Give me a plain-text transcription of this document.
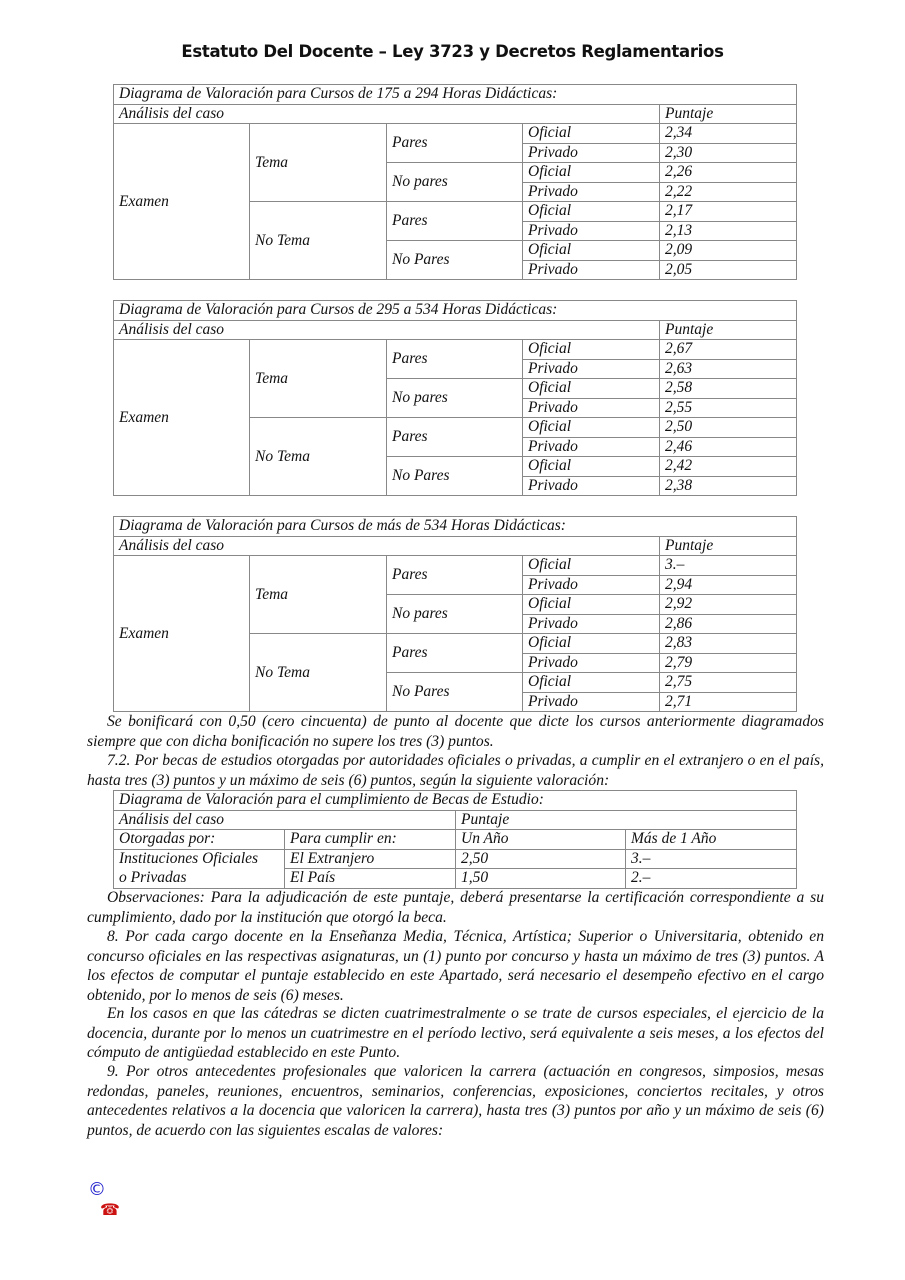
Estatuto Del Docente – Ley 3723 y Decretos Reglamentarios
Diagrama de Valoración para Cursos de 175 a 294 Horas Didácticas:				
Análisis del caso				Puntaje
Examen	Tema	Pares	Oficial	2,34
			Privado	2,30
		No pares	Oficial	2,26
			Privado	2,22
	No Tema	Pares	Oficial	2,17
			Privado	2,13
		No Pares	Oficial	2,09
			Privado	2,05
Diagrama de Valoración para Cursos de 295 a 534 Horas Didácticas:				
Análisis del caso				Puntaje
Examen	Tema	Pares	Oficial	2,67
			Privado	2,63
		No pares	Oficial	2,58
			Privado	2,55
	No Tema	Pares	Oficial	2,50
			Privado	2,46
		No Pares	Oficial	2,42
			Privado	2,38
Diagrama de Valoración para Cursos de más de 534 Horas Didácticas:				
Análisis del caso				Puntaje
Examen	Tema	Pares	Oficial	3.–
			Privado	2,94
		No pares	Oficial	2,92
			Privado	2,86
	No Tema	Pares	Oficial	2,83
			Privado	2,79
		No Pares	Oficial	2,75
			Privado	2,71

Se bonificará con 0,50 (cero cincuenta) de punto al docente que dicte los cursos anteriormente diagramados siempre que con dicha bonificación no supere los tres (3) puntos.

7.2. Por becas de estudios otorgadas por autoridades oficiales o privadas, a cumplir en el extranjero o en el país, hasta tres (3) puntos y un máximo de seis (6) puntos, según la siguiente valoración:

Diagrama de Valoración para el cumplimiento de Becas de Estudio:			
Análisis del caso		Puntaje	
Otorgadas por:	Para cumplir en:	Un Año	Más de 1 Año
Instituciones Oficiales	El Extranjero	2,50	3.–
o Privadas	El País	1,50	2.–

Observaciones: Para la adjudicación de este puntaje, deberá presentarse la certificación correspondiente a su cumplimiento, dado por la institución que otorgó la beca.

8. Por cada cargo docente en la Enseñanza Media, Técnica, Artística; Superior o Universitaria, obtenido en concurso oficiales en las respectivas asignaturas, un (1) punto por concurso y hasta un máximo de tres (3) puntos. A los efectos de computar el puntaje establecido en este Apartado, será necesario el desempeño efectivo en el cargo obtenido, por lo menos de seis (6) meses.

En los casos en que las cátedras se dicten cuatrimestralmente o se trate de cursos especiales, el ejercicio de la docencia, durante por lo menos un cuatrimestre en el período lectivo, será equivalente a seis meses, a los efectos del cómputo de antigüedad establecido en este Punto.

9. Por otros antecedentes profesionales que valoricen la carrera (actuación en congresos, simposios, mesas redondas, paneles, reuniones, encuentros, seminarios, conferencias, exposiciones, conciertos recitales, y otros antecedentes relativos a la docencia que valoricen la carrera), hasta tres (3) puntos por año y un máximo de seis (6) puntos, de acuerdo con las siguientes escalas de valores:

©
☎
